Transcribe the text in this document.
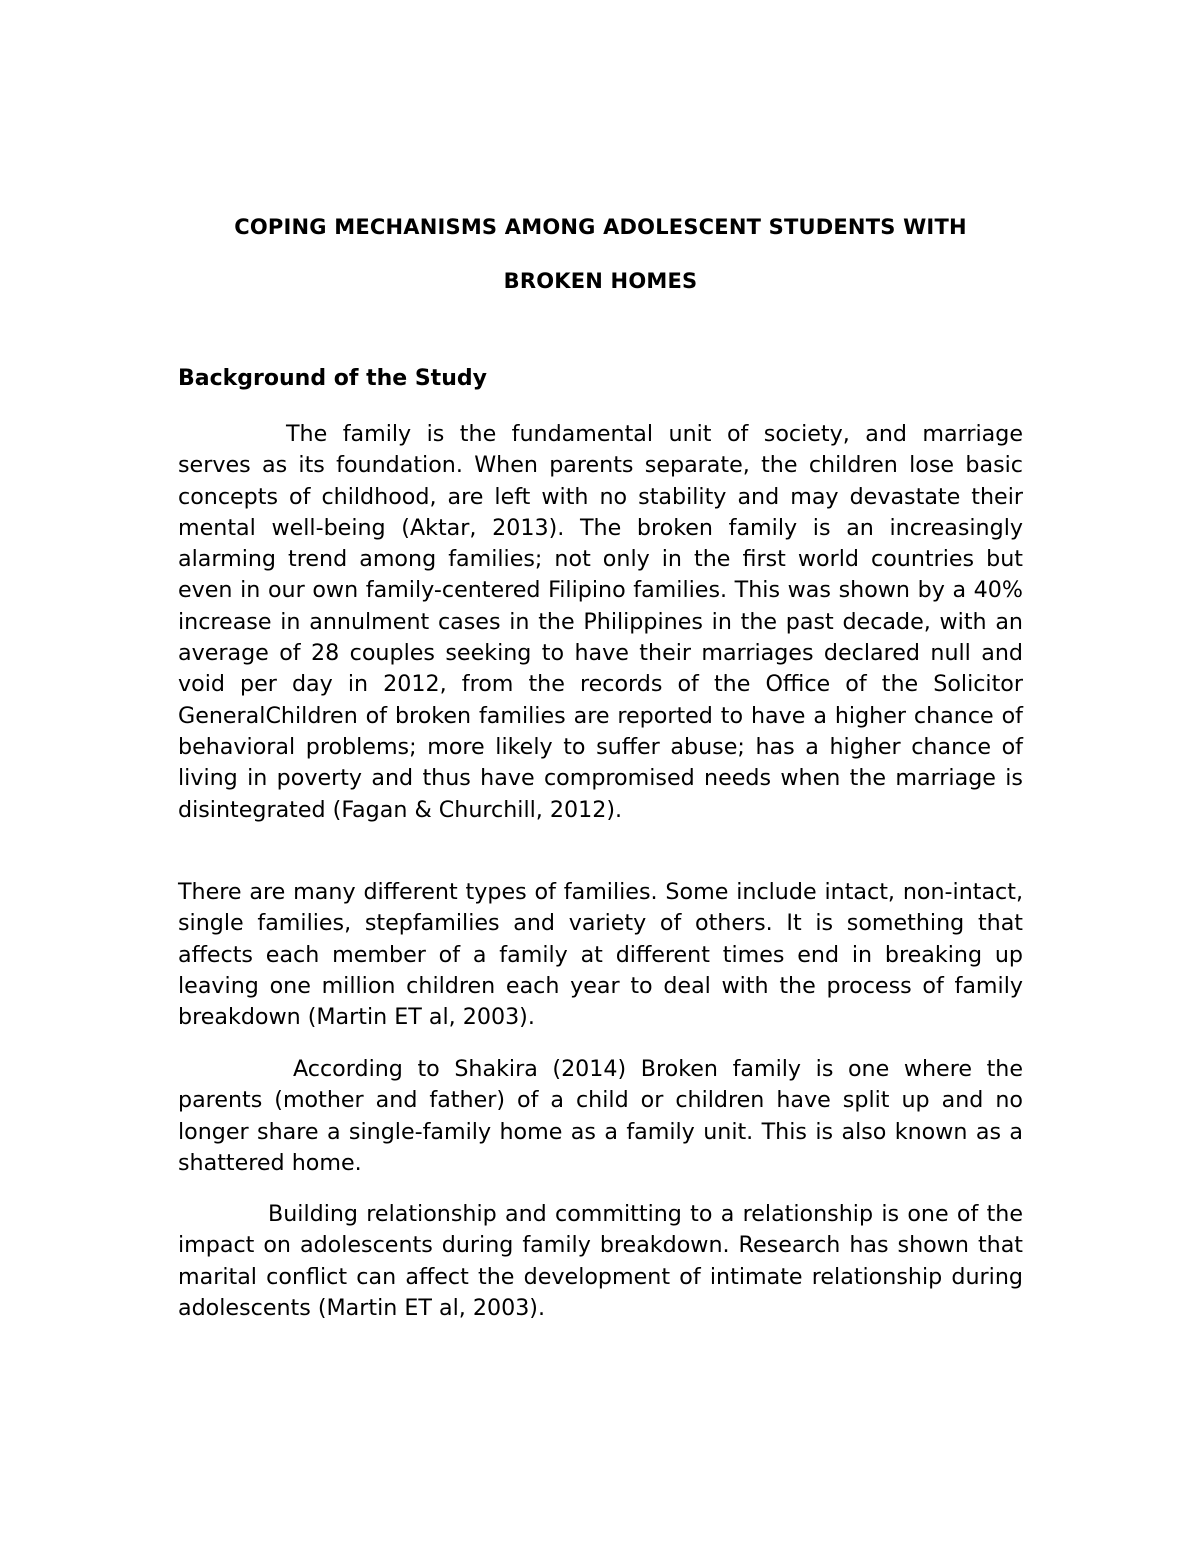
COPING MECHANISMS AMONG ADOLESCENT STUDENTS WITH
BROKEN HOMES
Background of the Study

The family is the fundamental unit of society, and marriage serves as its foundation. When parents separate, the children lose basic concepts of childhood, are left with no stability and may devastate their mental well-being (Aktar, 2013). The broken family is an increasingly alarming trend among families; not only in the first world countries but even in our own family-centered Filipino families. This was shown by a 40% increase in annulment cases in the Philippines in the past decade, with an average of 28 couples seeking to have their marriages declared null and void per day in 2012, from the records of the Office of the Solicitor GeneralChildren of broken families are reported to have a higher chance of behavioral problems; more likely to suffer abuse; has a higher chance of living in poverty and thus have compromised needs when the marriage is disintegrated (Fagan & Churchill, 2012).

There are many different types of families. Some include intact, non-intact, single families, stepfamilies and variety of others. It is something that affects each member of a family at different times end in breaking up leaving one million children each year to deal with the process of family breakdown (Martin ET al, 2003).

According to Shakira (2014) Broken family is one where the parents (mother and father) of a child or children have split up and no longer share a single-family home as a family unit. This is also known as a shattered home.

Building relationship and committing to a relationship is one of the impact on adolescents during family breakdown. Research has shown that marital conflict can affect the development of intimate relationship during adolescents (Martin ET al, 2003).
